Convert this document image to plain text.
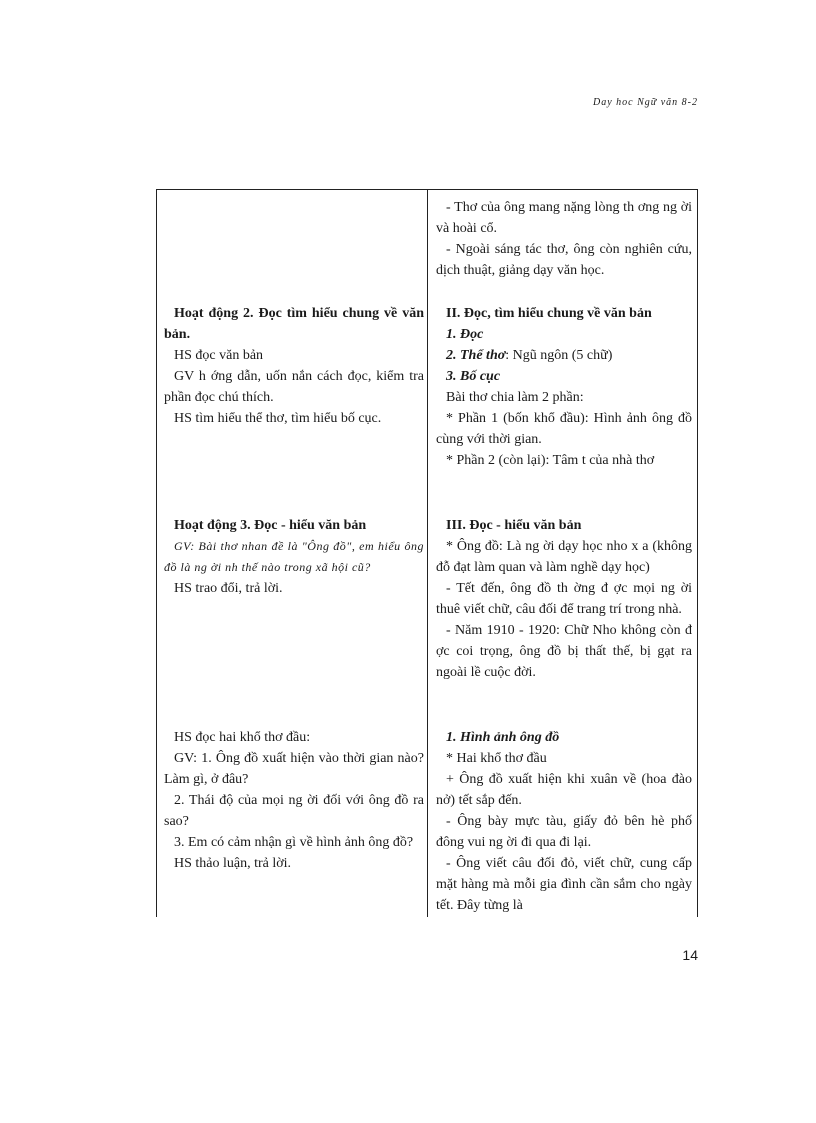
Day hoc Ngữ văn 8-2

Hoạt động 2. Đọc tìm hiểu chung về văn bản.

HS đọc văn bản

GV h ớng dẫn, uốn nắn cách đọc, kiểm tra phần đọc chú thích.

HS tìm hiểu thể thơ, tìm hiểu bố cục.

Hoạt động 3. Đọc - hiểu văn bản

GV: Bài thơ nhan đề là "Ông đồ", em hiểu ông đồ là ng ời nh thế nào trong xã hội cũ?

HS trao đổi, trả lời.

HS đọc hai khổ thơ đầu:

GV: 1. Ông đồ xuất hiện vào thời gian nào? Làm gì, ở đâu?

2. Thái độ của mọi ng ời đối với ông đồ ra sao?

3. Em có cảm nhận gì về hình ảnh ông đồ?

HS thảo luận, trả lời.

- Thơ của ông mang nặng lòng th ơng ng ời và hoài cổ.

- Ngoài sáng tác thơ, ông còn nghiên cứu, dịch thuật, giảng dạy văn học.

II. Đọc, tìm hiểu chung về văn bản

1. Đọc

2. Thể thơ: Ngũ ngôn (5 chữ)

3. Bố cục

Bài thơ chia làm 2 phần:

* Phần 1 (bốn khổ đầu): Hình ảnh ông đồ cùng với thời gian.

* Phần 2 (còn lại): Tâm t của nhà thơ

III. Đọc - hiểu văn bản

* Ông đồ: Là ng ời dạy học nho x a (không đỗ đạt làm quan và làm nghề dạy học)

- Tết đến, ông đồ th ờng đ ợc mọi ng ời thuê viết chữ, câu đối để trang trí trong nhà.

- Năm 1910 - 1920: Chữ Nho không còn đ ợc coi trọng, ông đồ bị thất thế, bị gạt ra ngoài lề cuộc đời.

1. Hình ảnh ông đồ

* Hai khổ thơ đầu

+ Ông đồ xuất hiện khi xuân về (hoa đào nở) tết sắp đến.

- Ông bày mực tàu, giấy đỏ bên hè phố đông vui ng ời đi qua đi lại.

- Ông viết câu đối đỏ, viết chữ, cung cấp mặt hàng mà mỗi gia đình cần sắm cho ngày tết. Đây từng là

14
